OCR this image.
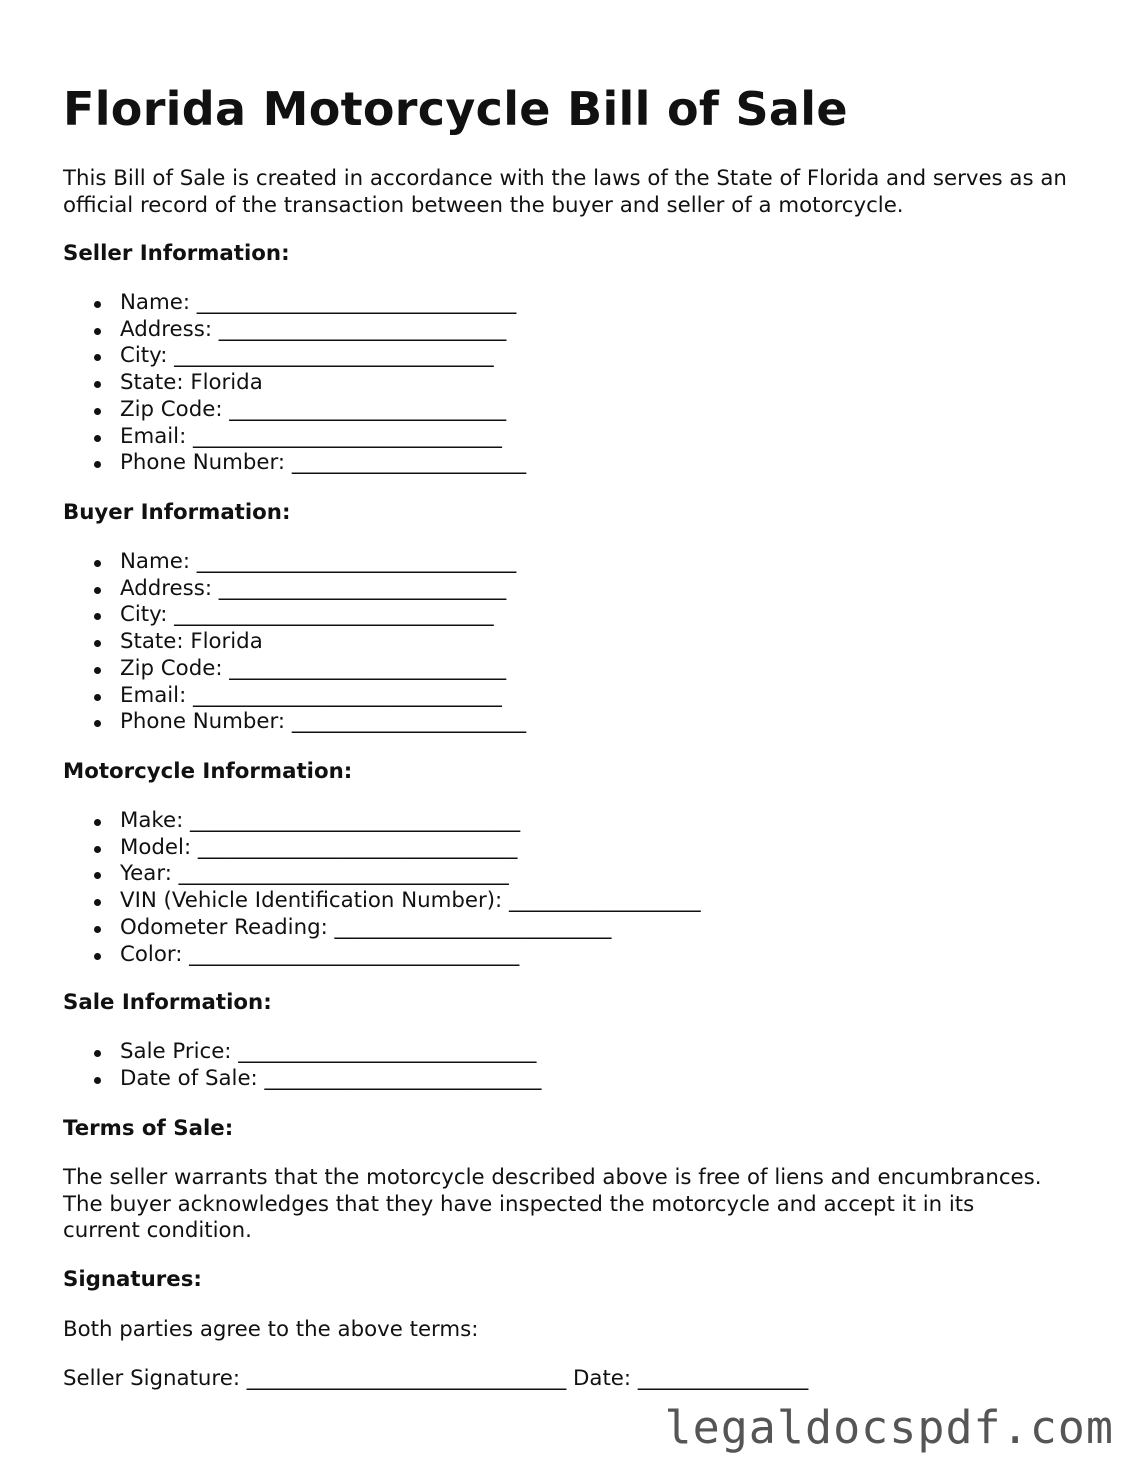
Florida Motorcycle Bill of Sale

This Bill of Sale is created in accordance with the laws of the State of Florida and serves as an official record of the transaction between the buyer and seller of a motorcycle.

Seller Information:
Name: ______________________________
Address: ___________________________
City: ______________________________
State: Florida
Zip Code: __________________________
Email: _____________________________
Phone Number: ______________________
Buyer Information:
Name: ______________________________
Address: ___________________________
City: ______________________________
State: Florida
Zip Code: __________________________
Email: _____________________________
Phone Number: ______________________
Motorcycle Information:
Make: _______________________________
Model: ______________________________
Year: _______________________________
VIN (Vehicle Identification Number): __________________
Odometer Reading: __________________________
Color: _______________________________
Sale Information:
Sale Price: ____________________________
Date of Sale: __________________________
Terms of Sale:

The seller warrants that the motorcycle described above is free of liens and encumbrances. The buyer acknowledges that they have inspected the motorcycle and accept it in its current condition.

Signatures:
Both parties agree to the above terms:
Seller Signature: ______________________________ Date: ________________
legaldocspdf.com
